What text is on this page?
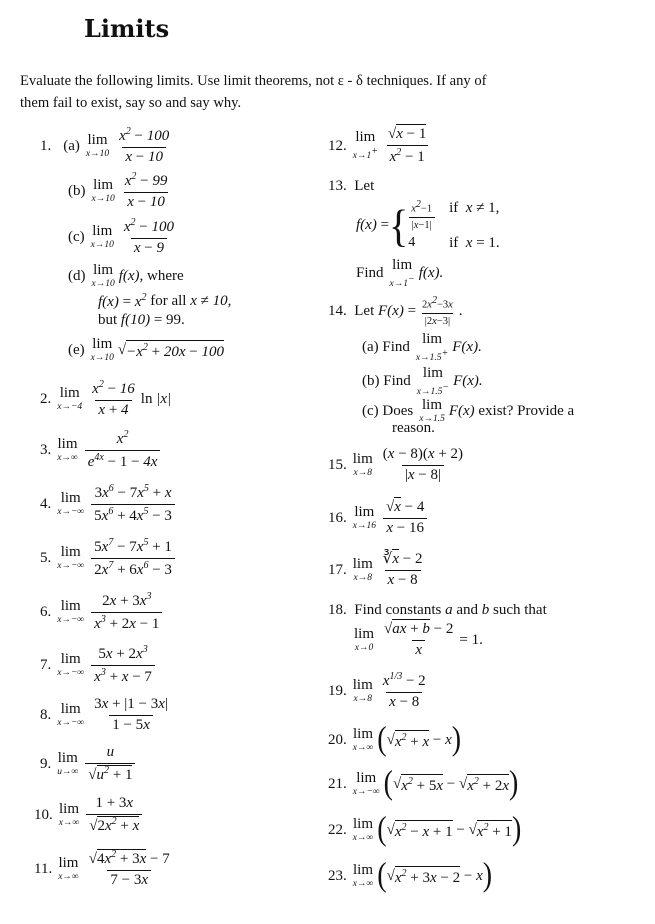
Limits
Evaluate the following limits. Use limit theorems, not ε - δ techniques. If any of
them fail to exist, say so and say why.
1. (a) lim
$x\to 10 \frac{x^2 - 100}{x - 10}$
(b) lim
$x\to 10 \frac{x^2 - 99}{x - 10}$
(c) lim
$x\to 10 \frac{x^2 - 100}{x - 9}$
(d) lim
x→10
f(x) , where
$f(x) = x^2$
for all
x ≠ 10,
but
f(10) = 99.
(e) lim
x→10
√ $-x^2 + 20x - 100$
2. lim
$x\to-4 \frac{x^2 - 16}{x + 4}$ ln |x|
3. lim
$x\to\infty \frac{x^2}{e^{4x} - 1 - 4x}$
4. lim
$x\to-\infty \frac{3x^6 - 7x^5 + x}{5x^6 + 4x^5 - 3}$
5. lim
$x\to-\infty \frac{5x^7 - 7x^5 + 1}{2x^7 + 6x^6 - 3}$
6. lim
$x\to-\infty \frac{2x + 3x^3}{x^3 + 2x - 1}$
7. lim
$x\to-\infty \frac{5x + 2x^3}{x^3 + x - 7}$
8. lim
$x\to-\infty \frac{3x + |1 - 3x|}{1 - 5x}$
9. lim
$u\to\infty \frac{u}{√u^2 + 1}$
10. lim
$x\to\infty \frac{1 + 3x}{√2x^2 + x}$
11. lim
$x\to\infty \frac{√4x^2 + 3x - 7}{7 - 3x}$
12.
lim
$x\to 1^+ \frac{√x - 1}{x^2 - 1}$
13.
Let
f(x) = { $\frac{x^2-1}{|x-1|}$ if x ≠ 1,
4	if x = 1.
Find
lim
x→1− f(x).
14.
Let
$F(x) = \frac{2x^2-3x}{|2x-3|}$ .
(a)
Find
lim
x→1.5+ F(x).
(b)
Find
lim
x→1.5− F(x).
(c)
Does lim
x→1.5
F(x)
exist? Provide a
reason.
15. lim
$x\to 8 \frac{(x - 8)(x + 2)}{|x - 8|}$
16. lim
$x\to 16 \frac{√x - 4}{x - 16}$
17. lim
$x\to 8 \frac{∛x - 2}{x - 8}$
18.
Find constants
a
and
b
such that
lim
$x\to 0 \frac{√ax + b - 2}{x} = 1$.
19. lim
$x\to 8 \frac{x^{1/3} - 2}{x - 8}$
20. lim
x→∞ ( √ $x^2 + x$
−
x )
21. lim
x→−∞ ( √ $x^2 + 5x$
−
√ $x^2 + 2x$ )
22. lim
x→∞ ( √ $x^2 - x + 1$
−
√ $x^2 + 1$ )
23. lim
x→∞ ( √ $x^2 + 3x - 2$
−
x )
